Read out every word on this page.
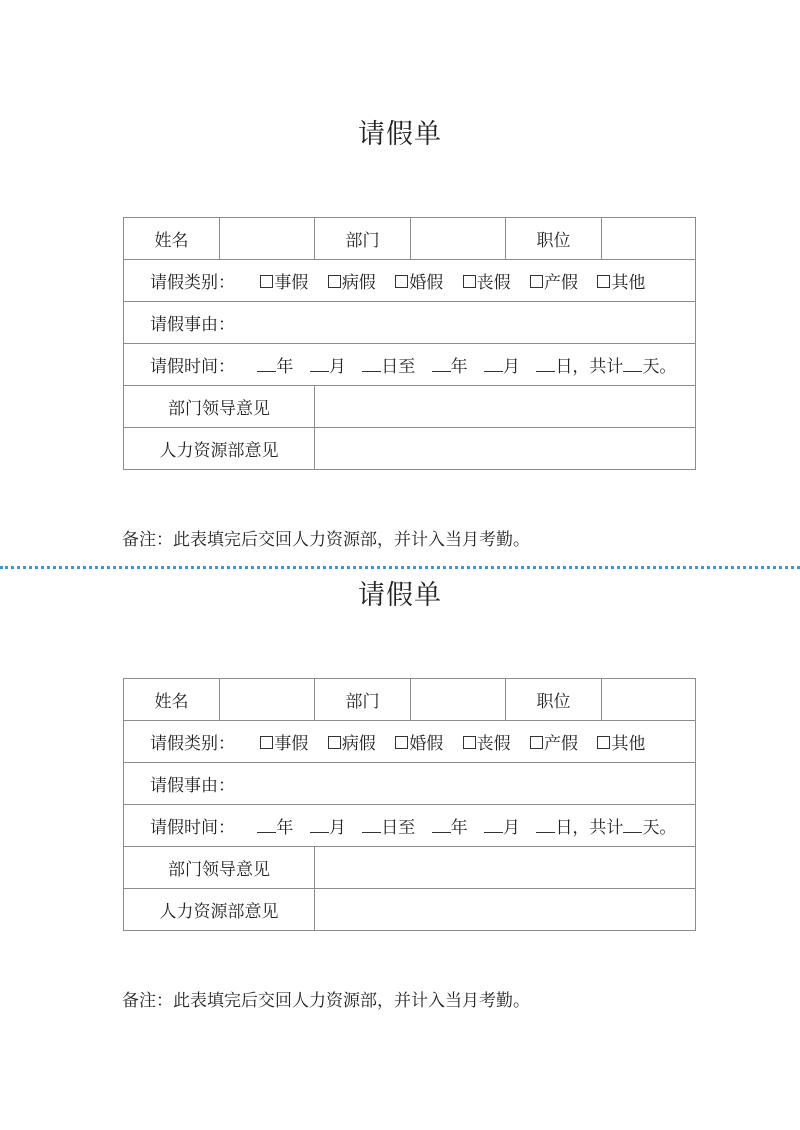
请假单
姓名		部门		职位	
请假类别： 事假 病假 婚假 丧假 产假 其他					
请假事由：					
请假时间： 年 月 日至 年 月 日，共计 天。					
部门领导意见					
人力资源部意见					
备注：此表填完后交回人力资源部，并计入当月考勤。
请假单
姓名		部门		职位	
请假类别： 事假 病假 婚假 丧假 产假 其他					
请假事由：					
请假时间： 年 月 日至 年 月 日，共计 天。					
部门领导意见					
人力资源部意见					
备注：此表填完后交回人力资源部，并计入当月考勤。
